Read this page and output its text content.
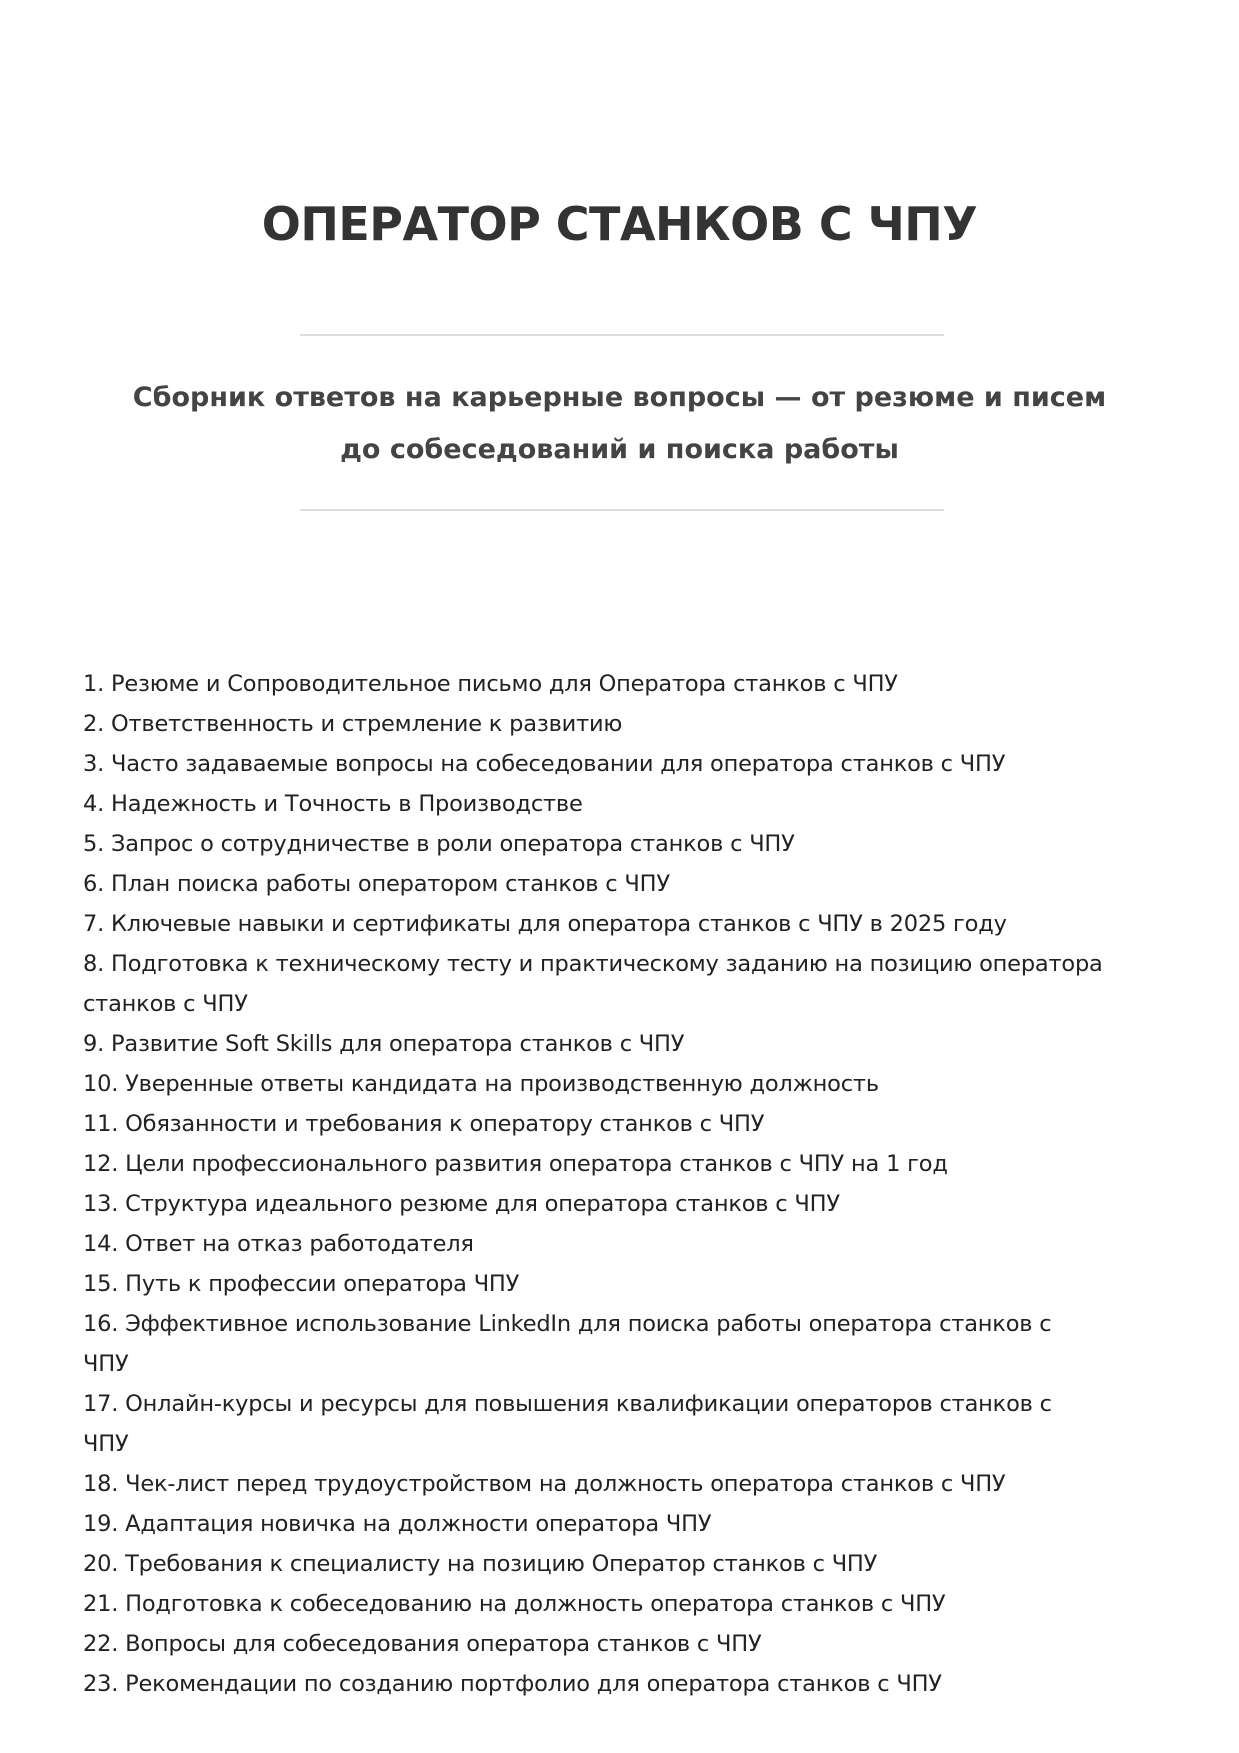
ОПЕРАТОР СТАНКОВ С ЧПУ

Сборник ответов на карьерные вопросы — от резюме и писем до собеседований и поиска работы

1. Резюме и Сопроводительное письмо для Оператора станков с ЧПУ
2. Ответственность и стремление к развитию
3. Часто задаваемые вопросы на собеседовании для оператора станков с ЧПУ
4. Надежность и Точность в Производстве
5. Запрос о сотрудничестве в роли оператора станков с ЧПУ
6. План поиска работы оператором станков с ЧПУ
7. Ключевые навыки и сертификаты для оператора станков с ЧПУ в 2025 году
8. Подготовка к техническому тесту и практическому заданию на позицию оператора станков с ЧПУ
9. Развитие Soft Skills для оператора станков с ЧПУ
10. Уверенные ответы кандидата на производственную должность
11. Обязанности и требования к оператору станков с ЧПУ
12. Цели профессионального развития оператора станков с ЧПУ на 1 год
13. Структура идеального резюме для оператора станков с ЧПУ
14. Ответ на отказ работодателя
15. Путь к профессии оператора ЧПУ
16. Эффективное использование LinkedIn для поиска работы оператора станков с ЧПУ
17. Онлайн-курсы и ресурсы для повышения квалификации операторов станков с ЧПУ
18. Чек-лист перед трудоустройством на должность оператора станков с ЧПУ
19. Адаптация новичка на должности оператора ЧПУ
20. Требования к специалисту на позицию Оператор станков с ЧПУ
21. Подготовка к собеседованию на должность оператора станков с ЧПУ
22. Вопросы для собеседования оператора станков с ЧПУ
23. Рекомендации по созданию портфолио для оператора станков с ЧПУ
